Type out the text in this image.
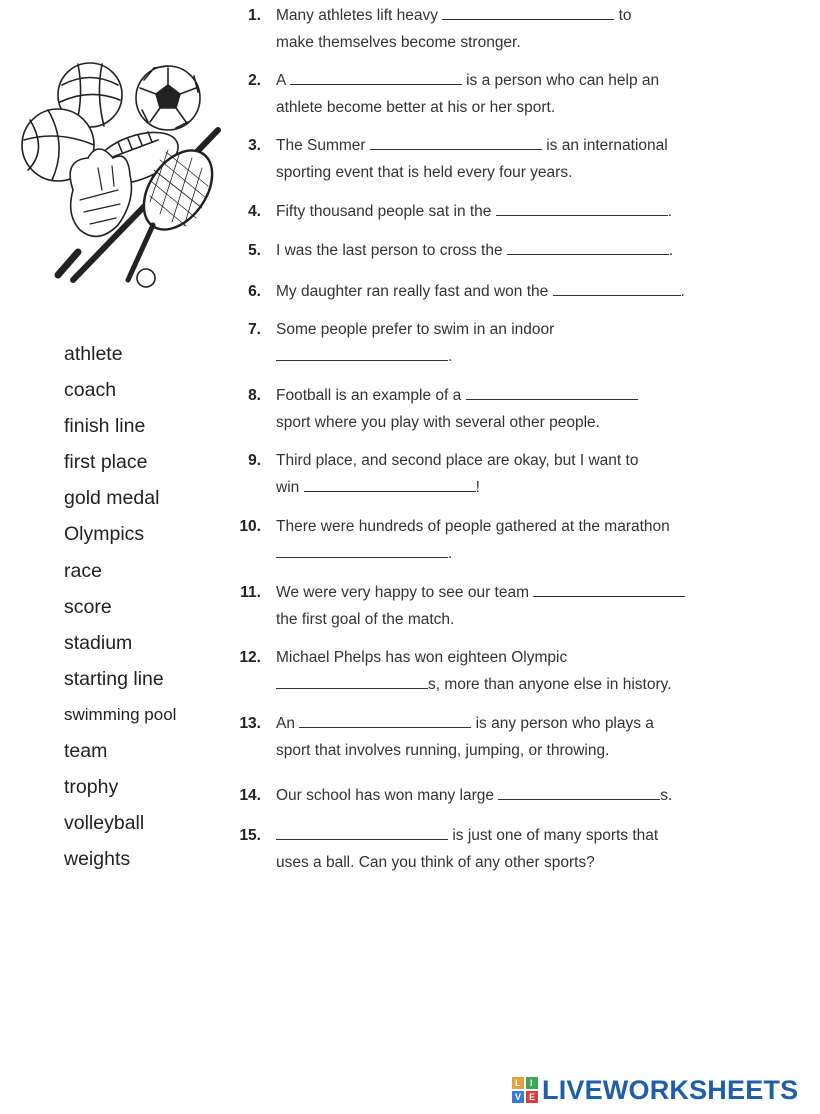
athlete
coach
finish line
first place
gold medal
Olympics
race
score
stadium
starting line
swimming pool
team
trophy
volleyball
weights
1. Many athletes lift heavy	to
make themselves become stronger.
2. A	is a person who can help an
athlete become better at his or her sport.
3. The Summer	is an international
sporting event that is held every four years.
4. Fifty thousand people sat in the	.
5. I was the last person to cross the	.
6. My daughter ran really fast and won the	.
7. Some people prefer to swim in an indoor
.
8. Football is an example of a
sport where you play with several other people.
9. Third place, and second place are okay, but I want to
win	!
10. There were hundreds of people gathered at the marathon
.
11. We were very happy to see our team
the first goal of the match.
12. Michael Phelps has won eighteen Olympic
s, more than anyone else in history.
13. An	is any person who plays a
sport that involves running, jumping, or throwing.
14. Our school has won many large	s.
15.	is just one of many sports that
uses a ball. Can you think of any other sports?
L I
V E LIVEWORKSHEETS
